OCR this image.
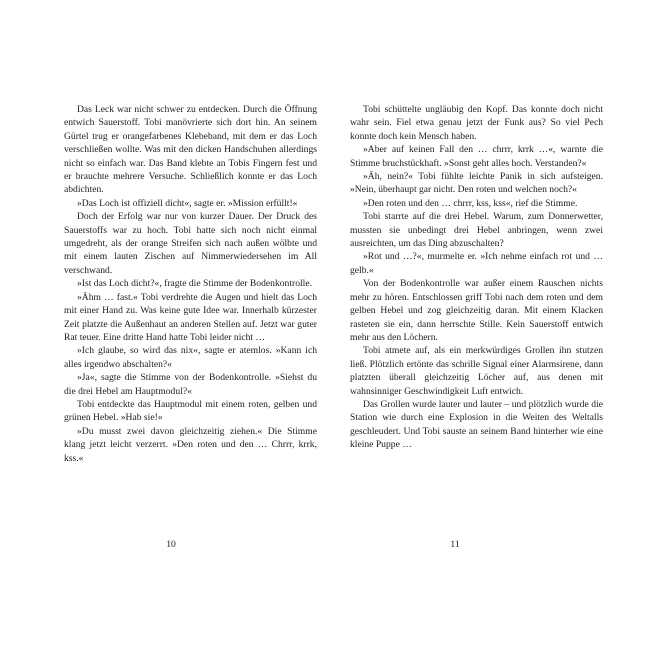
Das Leck war nicht schwer zu entdecken. Durch die Öffnung entwich Sauerstoff. Tobi manövrierte sich dort hin. An seinem Gürtel trug er orangefarbenes Klebeband, mit dem er das Loch verschließen wollte. Was mit den dicken Handschuhen allerdings nicht so einfach war. Das Band klebte an Tobis Fingern fest und er brauchte mehrere Versuche. Schließlich konnte er das Loch abdichten.

»Das Loch ist offiziell dicht«, sagte er. »Mission erfüllt!«

Doch der Erfolg war nur von kurzer Dauer. Der Druck des Sauerstoffs war zu hoch. Tobi hatte sich noch nicht einmal umgedreht, als der orange Streifen sich nach außen wölbte und mit einem lauten Zischen auf Nimmerwiedersehen im All verschwand.

»Ist das Loch dicht?«, fragte die Stimme der Bodenkontrolle.

»Ähm … fast.« Tobi verdrehte die Augen und hielt das Loch mit einer Hand zu. Was keine gute Idee war. Innerhalb kürzester Zeit platzte die Außenhaut an anderen Stellen auf. Jetzt war guter Rat teuer. Eine dritte Hand hatte Tobi leider nicht …

»Ich glaube, so wird das nix«, sagte er atemlos. »Kann ich alles irgendwo abschalten?«

»Ja«, sagte die Stimme von der Bodenkontrolle. »Siehst du die drei Hebel am Hauptmodul?«

Tobi entdeckte das Hauptmodul mit einem roten, gelben und grünen Hebel. »Hab sie!«

»Du musst zwei davon gleichzeitig ziehen.« Die Stimme klang jetzt leicht verzerrt. »Den roten und den … Chrrr, krrk, kss.«

10

Tobi schüttelte ungläubig den Kopf. Das konnte doch nicht wahr sein. Fiel etwa genau jetzt der Funk aus? So viel Pech konnte doch kein Mensch haben.

»Aber auf keinen Fall den … chrrr, krrk …«, warnte die Stimme bruchstückhaft. »Sonst geht alles hoch. Verstanden?«

»Äh, nein?« Tobi fühlte leichte Panik in sich aufsteigen. »Nein, überhaupt gar nicht. Den roten und welchen noch?«

»Den roten und den … chrrr, kss, kss«, rief die Stimme.

Tobi starrte auf die drei Hebel. Warum, zum Donnerwetter, mussten sie unbedingt drei Hebel anbringen, wenn zwei ausreichten, um das Ding abzuschalten?

»Rot und …?«, murmelte er. »Ich nehme einfach rot und … gelb.«

Von der Bodenkontrolle war außer einem Rauschen nichts mehr zu hören. Entschlossen griff Tobi nach dem roten und dem gelben Hebel und zog gleichzeitig daran. Mit einem Klacken rasteten sie ein, dann herrschte Stille. Kein Sauerstoff entwich mehr aus den Löchern.

Tobi atmete auf, als ein merkwürdiges Grollen ihn stutzen ließ. Plötzlich ertönte das schrille Signal einer Alarmsirene, dann platzten überall gleichzeitig Löcher auf, aus denen mit wahnsinniger Geschwindigkeit Luft entwich.

Das Grollen wurde lauter und lauter – und plötzlich wurde die Station wie durch eine Explosion in die Weiten des Weltalls geschleudert. Und Tobi sauste an seinem Band hinterher wie eine kleine Puppe …

11
